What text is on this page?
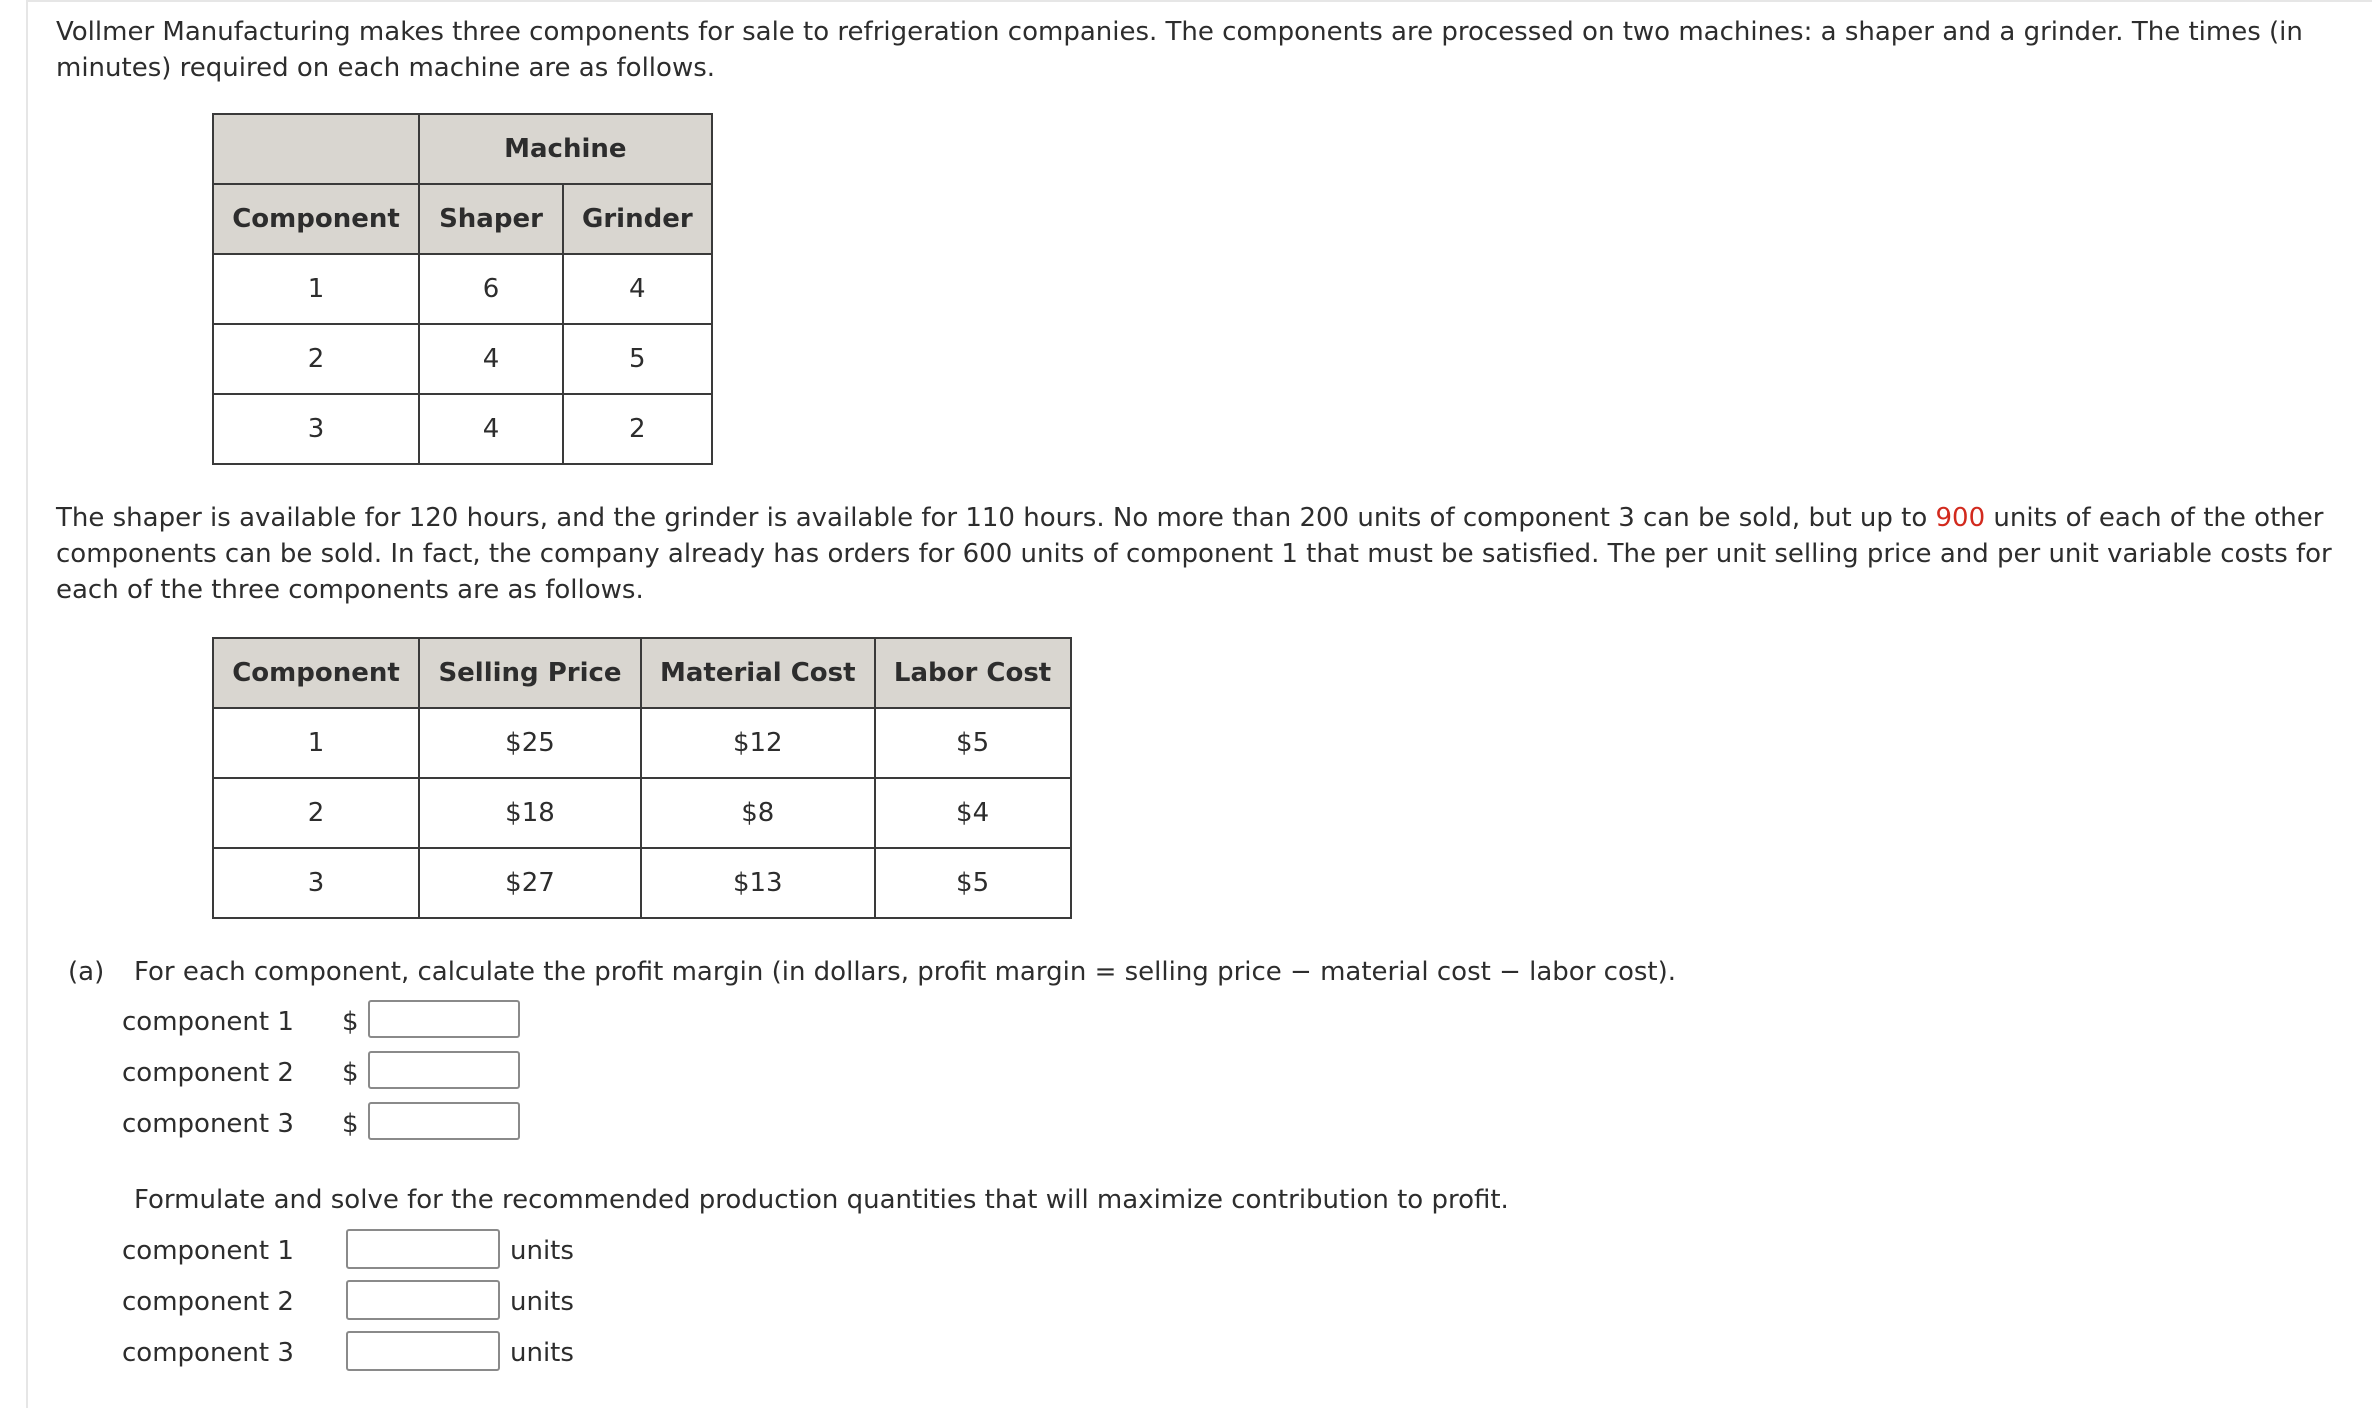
Vollmer Manufacturing makes three components for sale to refrigeration companies. The components are processed on two machines: a shaper and a grinder. The times (in minutes) required on each machine are as follows.

	Machine	
Component	Shaper	Grinder
1	6	4
2	4	5
3	4	2

The shaper is available for 120 hours, and the grinder is available for 110 hours. No more than 200 units of component 3 can be sold, but up to 900 units of each of the other components can be sold. In fact, the company already has orders for 600 units of component 1 that must be satisfied. The per unit selling price and per unit variable costs for each of the three components are as follows.

Component	Selling Price	Material Cost	Labor Cost
1	$25	$12	$5
2	$18	$8	$4
3	$27	$13	$5
(a) For each component, calculate the profit margin (in dollars, profit margin = selling price − material cost − labor cost).
component 1 $
component 2 $
component 3 $
Formulate and solve for the recommended production quantities that will maximize contribution to profit.
component 1	units
component 2	units
component 3	units
